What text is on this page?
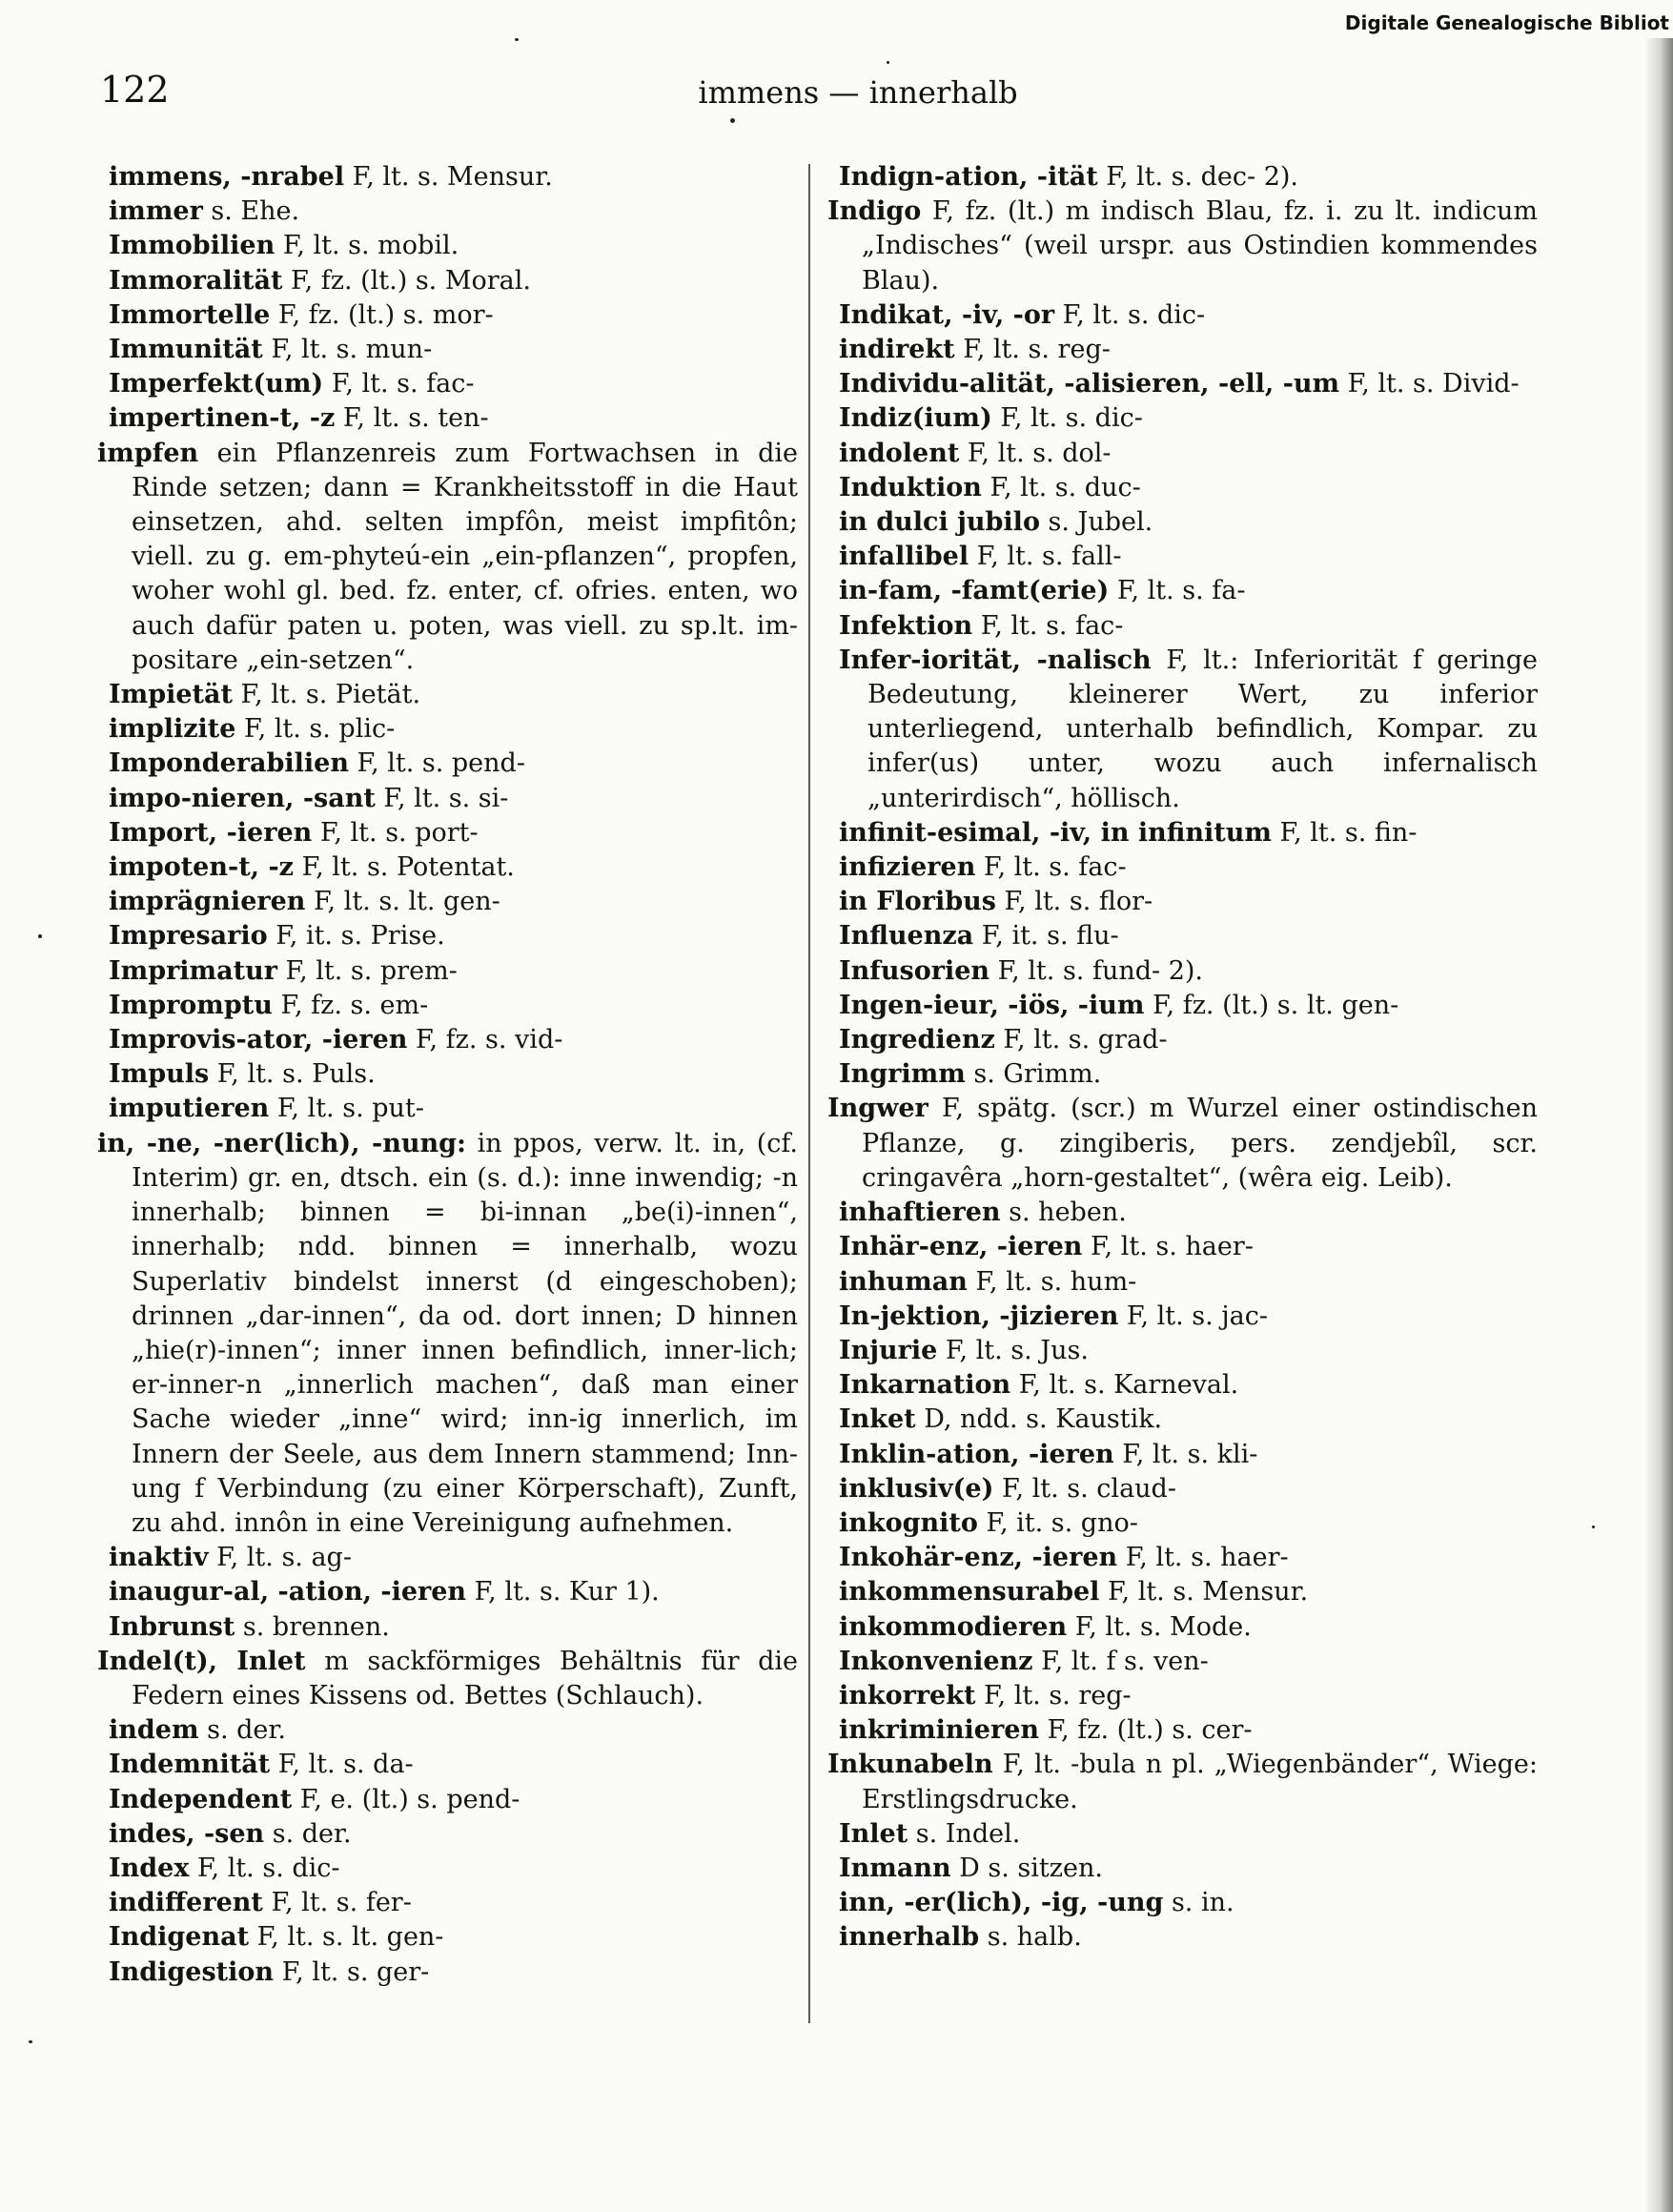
Digitale Genealogische Bibliot
122	immens — innerhalb
immens, -nrabel F, lt. s. Mensur.
immer s. Ehe.
Immobilien F, lt. s. mobil.
Immoralität F, fz. (lt.) s. Moral.
Immortelle F, fz. (lt.) s. mor-
Immunität F, lt. s. mun-
Imperfekt(um) F, lt. s. fac-
impertinen-t, -z F, lt. s. ten-
impfen ein Pflanzenreis zum Fortwachsen in die Rinde setzen; dann = Krankheitsstoff in die Haut einsetzen, ahd. selten impfôn, meist impfitôn; viell. zu g. em-phyteú-ein „ein-pflanzen“, propfen, woher wohl gl. bed. fz. enter, cf. ofries. enten, wo auch dafür paten u. poten, was viell. zu sp.lt. im-positare „ein-setzen“.
Impietät F, lt. s. Pietät.
implizite F, lt. s. plic-
Imponderabilien F, lt. s. pend-
impo-nieren, -sant F, lt. s. si-
Import, -ieren F, lt. s. port-
impoten-t, -z F, lt. s. Potentat.
imprägnieren F, lt. s. lt. gen-
Impresario F, it. s. Prise.
Imprimatur F, lt. s. prem-
Impromptu F, fz. s. em-
Improvis-ator, -ieren F, fz. s. vid-
Impuls F, lt. s. Puls.
imputieren F, lt. s. put-
in, -ne, -ner(lich), -nung: in ppos, verw. lt. in, (cf. Interim) gr. en, dtsch. ein (s. d.): inne inwendig; -n innerhalb; binnen = bi-innan „be(i)-innen“, innerhalb; ndd. binnen = innerhalb, wozu Superlativ bindelst innerst (d eingeschoben); drinnen „dar-innen“, da od. dort innen; D hinnen „hie(r)-innen“; inner innen befindlich, inner-lich; er-inner-n „innerlich machen“, daß man einer Sache wieder „inne“ wird; inn-ig innerlich, im Innern der Seele, aus dem Innern stammend; Inn-ung f Verbindung (zu einer Körperschaft), Zunft, zu ahd. innôn in eine Vereinigung aufnehmen.
inaktiv F, lt. s. ag-
inaugur-al, -ation, -ieren F, lt. s. Kur 1).
Inbrunst s. brennen.
Indel(t), Inlet m sackförmiges Behältnis für die Federn eines Kissens od. Bettes (Schlauch).
indem s. der.
Indemnität F, lt. s. da-
Independent F, e. (lt.) s. pend-
indes, -sen s. der.
Index F, lt. s. dic-
indifferent F, lt. s. fer-
Indigenat F, lt. s. lt. gen-
Indigestion F, lt. s. ger-
Indign-ation, -ität F, lt. s. dec- 2).
Indigo F, fz. (lt.) m indisch Blau, fz. i. zu lt. indicum „Indisches“ (weil urspr. aus Ostindien kommendes Blau).
Indikat, -iv, -or F, lt. s. dic-
indirekt F, lt. s. reg-
Individu-alität, -alisieren, -ell, -um F, lt. s. Divid-
Indiz(ium) F, lt. s. dic-
indolent F, lt. s. dol-
Induktion F, lt. s. duc-
in dulci jubilo s. Jubel.
infallibel F, lt. s. fall-
in-fam, -famt(erie) F, lt. s. fa-
Infektion F, lt. s. fac-
Infer-iorität, -nalisch F, lt.: Inferiorität f geringe Bedeutung, kleinerer Wert, zu inferior unterliegend, unterhalb befindlich, Kompar. zu infer(us) unter, wozu auch infernalisch „unterirdisch“, höllisch.
infinit-esimal, -iv, in infinitum F, lt. s. fin-
infizieren F, lt. s. fac-
in Floribus F, lt. s. flor-
Influenza F, it. s. flu-
Infusorien F, lt. s. fund- 2).
Ingen-ieur, -iös, -ium F, fz. (lt.) s. lt. gen-
Ingredienz F, lt. s. grad-
Ingrimm s. Grimm.
Ingwer F, spätg. (scr.) m Wurzel einer ostindischen Pflanze, g. zingiberis, pers. zendjebîl, scr. cringavêra „horn-gestaltet“, (wêra eig. Leib).
inhaftieren s. heben.
Inhär-enz, -ieren F, lt. s. haer-
inhuman F, lt. s. hum-
In-jektion, -jizieren F, lt. s. jac-
Injurie F, lt. s. Jus.
Inkarnation F, lt. s. Karneval.
Inket D, ndd. s. Kaustik.
Inklin-ation, -ieren F, lt. s. kli-
inklusiv(e) F, lt. s. claud-
inkognito F, it. s. gno-
Inkohär-enz, -ieren F, lt. s. haer-
inkommensurabel F, lt. s. Mensur.
inkommodieren F, lt. s. Mode.
Inkonvenienz F, lt. f s. ven-
inkorrekt F, lt. s. reg-
inkriminieren F, fz. (lt.) s. cer-
Inkunabeln F, lt. -bula n pl. „Wiegenbänder“, Wiege: Erstlingsdrucke.
Inlet s. Indel.
Inmann D s. sitzen.
inn, -er(lich), -ig, -ung s. in.
innerhalb s. halb.
